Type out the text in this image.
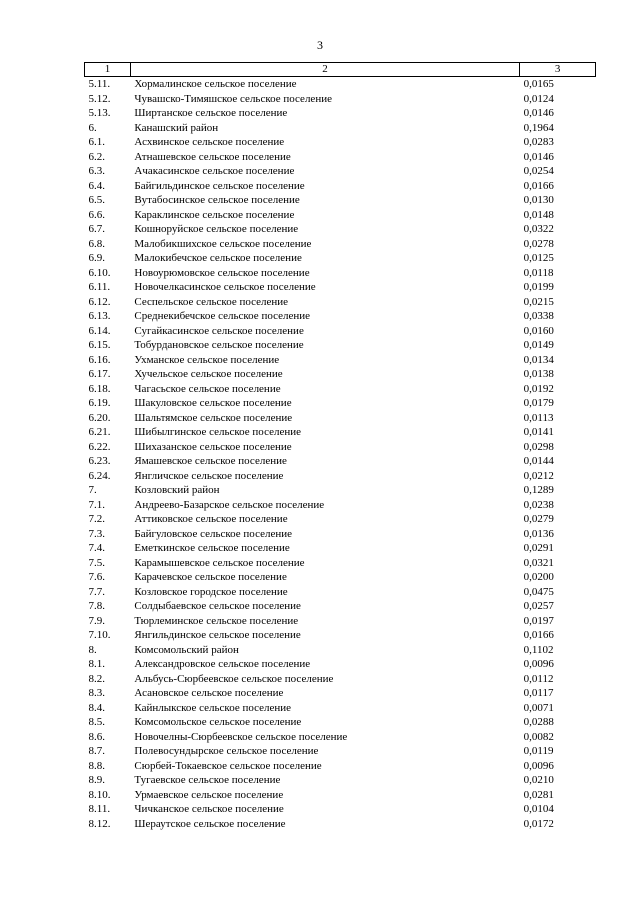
3
1	2	3
5.11.	Хормалинское сельское поселение	0,0165
5.12.	Чувашско-Тимяшское сельское поселение	0,0124
5.13.	Ширтанское сельское поселение	0,0146
6.	Канашский район	0,1964
6.1.	Асхвинское сельское поселение	0,0283
6.2.	Атнашевское сельское поселение	0,0146
6.3.	Ачакасинское сельское поселение	0,0254
6.4.	Байгильдинское сельское поселение	0,0166
6.5.	Вутабосинское сельское поселение	0,0130
6.6.	Караклинское сельское поселение	0,0148
6.7.	Кошноруйское сельское поселение	0,0322
6.8.	Малобикшихское сельское поселение	0,0278
6.9.	Малокибечское сельское поселение	0,0125
6.10.	Новоурюмовское сельское поселение	0,0118
6.11.	Новочелкасинское сельское поселение	0,0199
6.12.	Сеспельское сельское поселение	0,0215
6.13.	Среднекибечское сельское поселение	0,0338
6.14.	Сугайкасинское сельское поселение	0,0160
6.15.	Тобурдановское сельское поселение	0,0149
6.16.	Ухманское сельское поселение	0,0134
6.17.	Хучельское сельское поселение	0,0138
6.18.	Чагасьское сельское поселение	0,0192
6.19.	Шакуловское сельское поселение	0,0179
6.20.	Шальтямское сельское поселение	0,0113
6.21.	Шибылгинское сельское поселение	0,0141
6.22.	Шихазанское сельское поселение	0,0298
6.23.	Ямашевское сельское поселение	0,0144
6.24.	Янгличское сельское поселение	0,0212
7.	Козловский район	0,1289
7.1.	Андреево-Базарское сельское поселение	0,0238
7.2.	Аттиковское сельское поселение	0,0279
7.3.	Байгуловское сельское поселение	0,0136
7.4.	Еметкинское сельское поселение	0,0291
7.5.	Карамышевское сельское поселение	0,0321
7.6.	Карачевское сельское поселение	0,0200
7.7.	Козловское городское поселение	0,0475
7.8.	Солдыбаевское сельское поселение	0,0257
7.9.	Тюрлеминское сельское поселение	0,0197
7.10.	Янгильдинское сельское поселение	0,0166
8.	Комсомольский район	0,1102
8.1.	Александровское сельское поселение	0,0096
8.2.	Альбусь-Сюрбеевское сельское поселение	0,0112
8.3.	Асановское сельское поселение	0,0117
8.4.	Кайнлыкское сельское поселение	0,0071
8.5.	Комсомольское сельское поселение	0,0288
8.6.	Новочелны-Сюрбеевское сельское поселение	0,0082
8.7.	Полевосундырское сельское поселение	0,0119
8.8.	Сюрбей-Токаевское сельское поселение	0,0096
8.9.	Тугаевское сельское поселение	0,0210
8.10.	Урмаевское сельское поселение	0,0281
8.11.	Чичканское сельское поселение	0,0104
8.12.	Шераутское сельское поселение	0,0172
